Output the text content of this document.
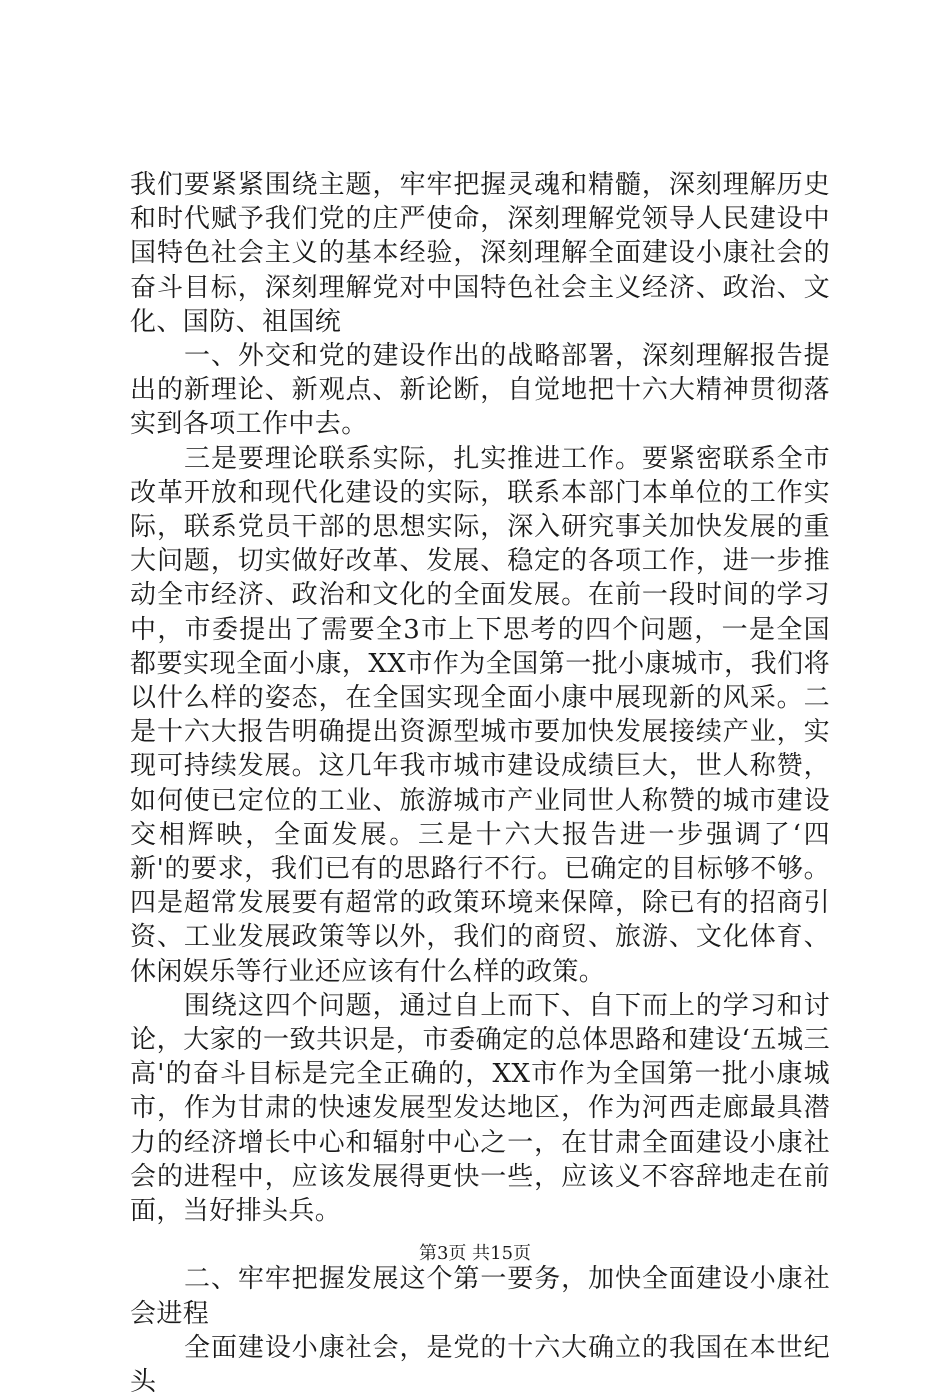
我们要紧紧围绕主题，牢牢把握灵魂和精髓，深刻理解历史和时代赋予我们党的庄严使命，深刻理解党领导人民建设中国特色社会主义的基本经验，深刻理解全面建设小康社会的奋斗目标，深刻理解党对中国特色社会主义经济、政治、文化、国防、祖国统

一、外交和党的建设作出的战略部署，深刻理解报告提出的新理论、新观点、新论断，自觉地把十六大精神贯彻落实到各项工作中去。

三是要理论联系实际，扎实推进工作。要紧密联系全市改革开放和现代化建设的实际，联系本部门本单位的工作实际，联系党员干部的思想实际，深入研究事关加快发展的重大问题，切实做好改革、发展、稳定的各项工作，进一步推动全市经济、政治和文化的全面发展。在前一段时间的学习中，市委提出了需要全3市上下思考的四个问题，一是全国都要实现全面小康，XX市作为全国第一批小康城市，我们将以什么样的姿态，在全国实现全面小康中展现新的风采。二是十六大报告明确提出资源型城市要加快发展接续产业，实现可持续发展。这几年我市城市建设成绩巨大，世人称赞，如何使已定位的工业、旅游城市产业同世人称赞的城市建设交相辉映，全面发展。三是十六大报告进一步强调了‘四新'的要求，我们已有的思路行不行。已确定的目标够不够。四是超常发展要有超常的政策环境来保障，除已有的招商引资、工业发展政策等以外，我们的商贸、旅游、文化体育、休闲娱乐等行业还应该有什么样的政策。

围绕这四个问题，通过自上而下、自下而上的学习和讨论，大家的一致共识是，市委确定的总体思路和建设‘五城三高'的奋斗目标是完全正确的，XX市作为全国第一批小康城市，作为甘肃的快速发展型发达地区，作为河西走廊最具潜力的经济增长中心和辐射中心之一，在甘肃全面建设小康社会的进程中，应该发展得更快一些，应该义不容辞地走在前面，当好排头兵。

二、牢牢把握发展这个第一要务，加快全面建设小康社会进程

全面建设小康社会，是党的十六大确立的我国在本世纪头

第3页 共15页
